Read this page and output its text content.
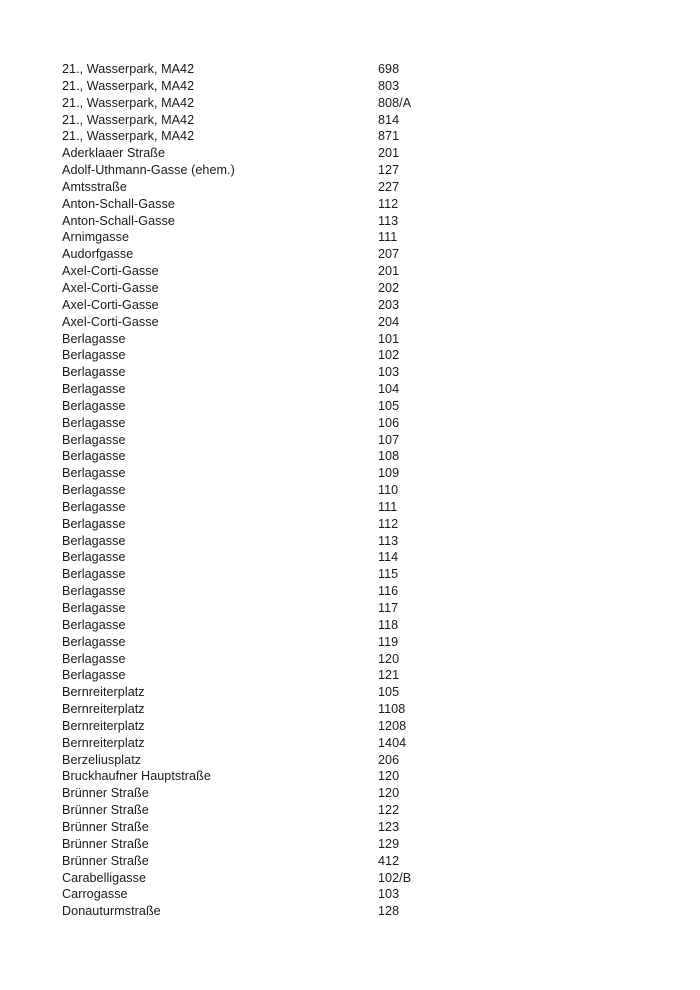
21., Wasserpark, MA42	698
21., Wasserpark, MA42	803
21., Wasserpark, MA42	808/A
21., Wasserpark, MA42	814
21., Wasserpark, MA42	871
Aderklaaer Straße	201
Adolf-Uthmann-Gasse (ehem.)	127
Amtsstraße	227
Anton-Schall-Gasse	112
Anton-Schall-Gasse	113
Arnimgasse	111
Audorfgasse	207
Axel-Corti-Gasse	201
Axel-Corti-Gasse	202
Axel-Corti-Gasse	203
Axel-Corti-Gasse	204
Berlagasse	101
Berlagasse	102
Berlagasse	103
Berlagasse	104
Berlagasse	105
Berlagasse	106
Berlagasse	107
Berlagasse	108
Berlagasse	109
Berlagasse	110
Berlagasse	111
Berlagasse	112
Berlagasse	113
Berlagasse	114
Berlagasse	115
Berlagasse	116
Berlagasse	117
Berlagasse	118
Berlagasse	119
Berlagasse	120
Berlagasse	121
Bernreiterplatz	105
Bernreiterplatz	1108
Bernreiterplatz	1208
Bernreiterplatz	1404
Berzeliusplatz	206
Bruckhaufner Hauptstraße	120
Brünner Straße	120
Brünner Straße	122
Brünner Straße	123
Brünner Straße	129
Brünner Straße	412
Carabelligasse	102/B
Carrogasse	103
Donauturmstraße	128
